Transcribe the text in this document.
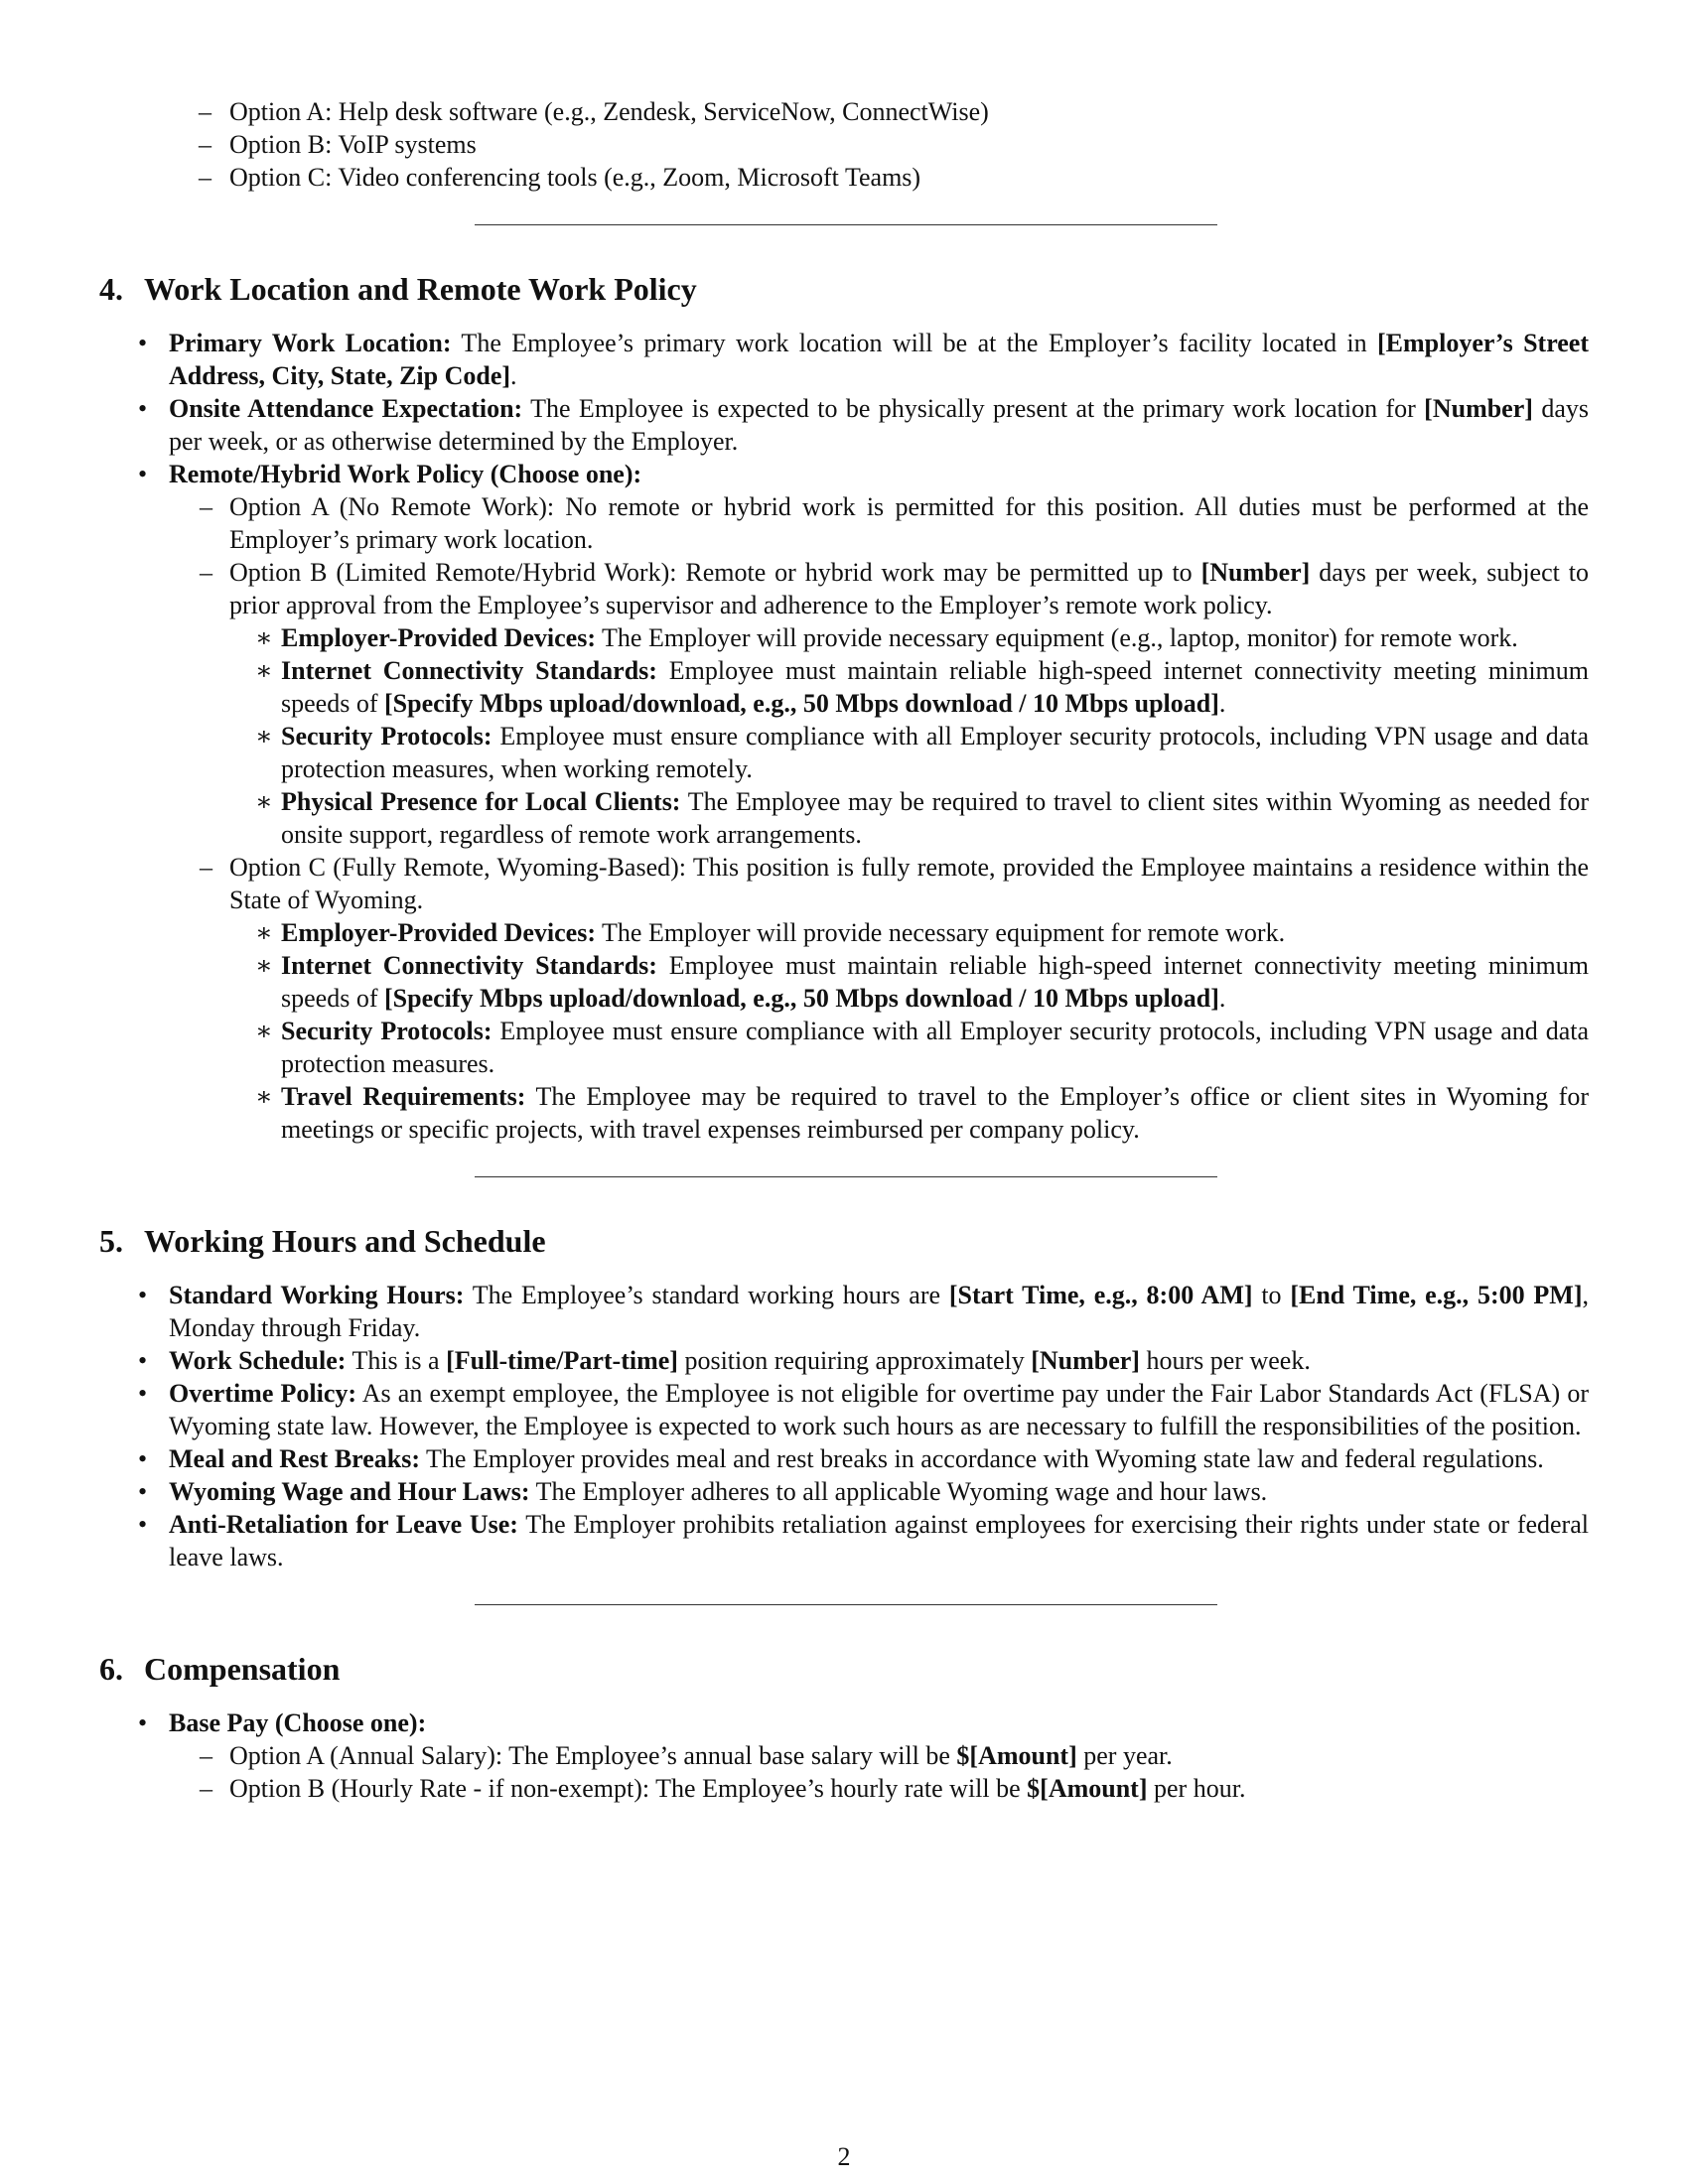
– Option A: Help desk software (e.g., Zendesk, ServiceNow, ConnectWise)
– Option B: VoIP systems
– Option C: Video conferencing tools (e.g., Zoom, Microsoft Teams)
4. Work Location and Remote Work Policy
• Primary Work Location: The Employee’s primary work location will be at the Employer’s facility located in [Employer’s Street Address, City, State, Zip Code].
• Onsite Attendance Expectation: The Employee is expected to be physically present at the primary work location for [Number] days per week, or as otherwise determined by the Employer.
• Remote/Hybrid Work Policy (Choose one):
– Option A (No Remote Work): No remote or hybrid work is permitted for this position. All duties must be performed at the Employer’s primary work location.
– Option B (Limited Remote/Hybrid Work): Remote or hybrid work may be permitted up to [Number] days per week, subject to prior approval from the Employee’s supervisor and adherence to the Employer’s remote work policy.
∗ Employer-Provided Devices: The Employer will provide necessary equipment (e.g., laptop, monitor) for remote work.
∗ Internet Connectivity Standards: Employee must maintain reliable high-speed internet connectivity meeting minimum speeds of [Specify Mbps upload/download, e.g., 50 Mbps download / 10 Mbps upload].
∗ Security Protocols: Employee must ensure compliance with all Employer security protocols, including VPN usage and data protection measures, when working remotely.
∗ Physical Presence for Local Clients: The Employee may be required to travel to client sites within Wyoming as needed for onsite support, regardless of remote work arrangements.
– Option C (Fully Remote, Wyoming-Based): This position is fully remote, provided the Employee maintains a residence within the State of Wyoming.
∗ Employer-Provided Devices: The Employer will provide necessary equipment for remote work.
∗ Internet Connectivity Standards: Employee must maintain reliable high-speed internet connectivity meeting minimum speeds of [Specify Mbps upload/download, e.g., 50 Mbps download / 10 Mbps upload].
∗ Security Protocols: Employee must ensure compliance with all Employer security protocols, including VPN usage and data protection measures.
∗ Travel Requirements: The Employee may be required to travel to the Employer’s office or client sites in Wyoming for meetings or specific projects, with travel expenses reimbursed per company policy.
5. Working Hours and Schedule
• Standard Working Hours: The Employee’s standard working hours are [Start Time, e.g., 8:00 AM] to [End Time, e.g., 5:00 PM], Monday through Friday.
• Work Schedule: This is a [Full-time/Part-time] position requiring approximately [Number] hours per week.
• Overtime Policy: As an exempt employee, the Employee is not eligible for overtime pay under the Fair Labor Standards Act (FLSA) or Wyoming state law. However, the Employee is expected to work such hours as are necessary to fulfill the responsibilities of the position.
• Meal and Rest Breaks: The Employer provides meal and rest breaks in accordance with Wyoming state law and federal regulations.
• Wyoming Wage and Hour Laws: The Employer adheres to all applicable Wyoming wage and hour laws.
• Anti-Retaliation for Leave Use: The Employer prohibits retaliation against employees for exercising their rights under state or federal leave laws.
6. Compensation
• Base Pay (Choose one):
– Option A (Annual Salary): The Employee’s annual base salary will be $[Amount] per year.
– Option B (Hourly Rate - if non-exempt): The Employee’s hourly rate will be $[Amount] per hour.
2
